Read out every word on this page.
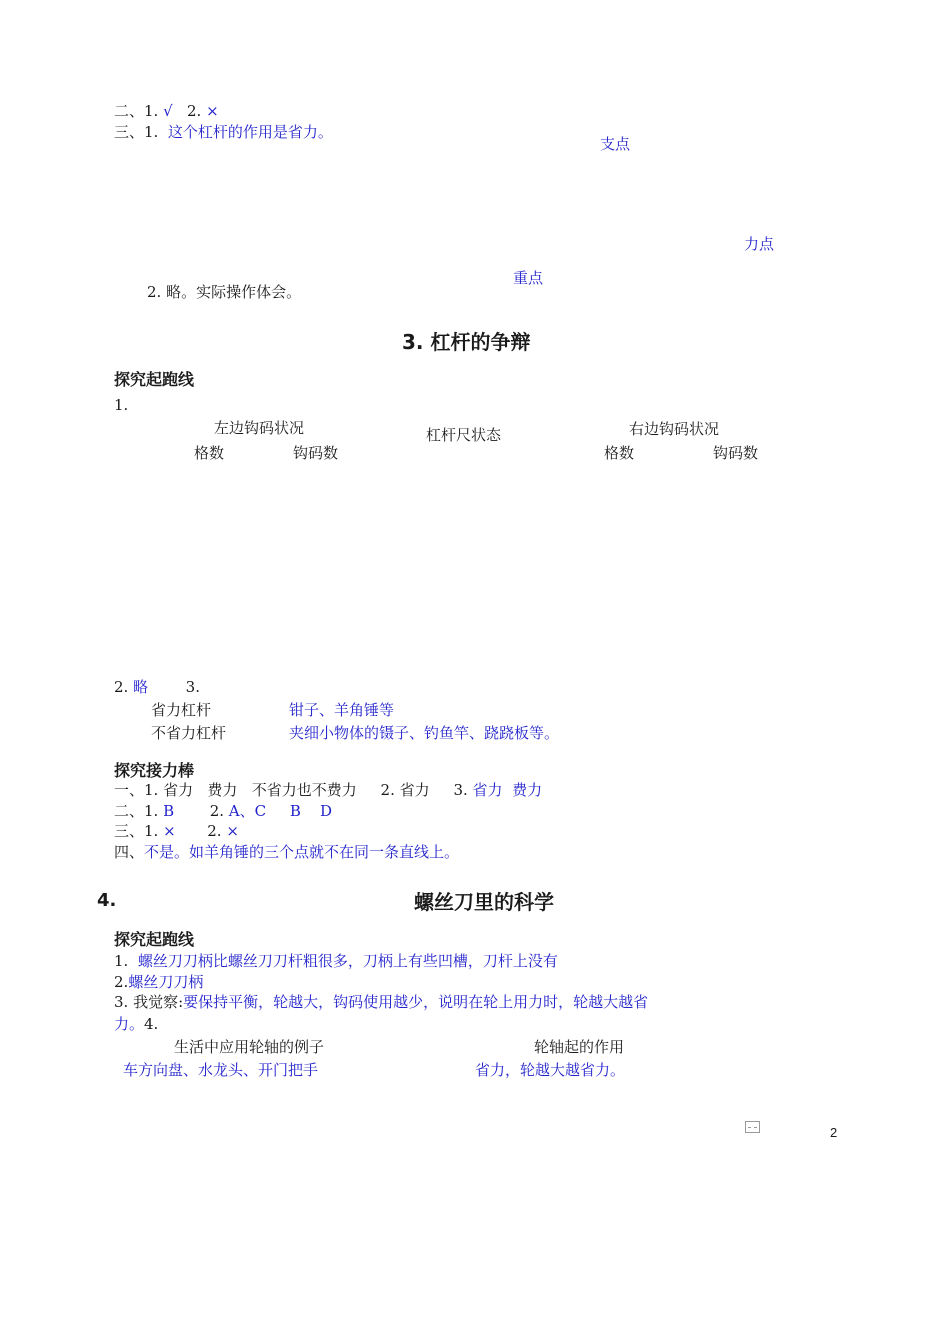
二、1. √ 2. ×
三、1. 这个杠杆的作用是省力。
支点
力点
重点
2. 略。实际操作体会。
3. 杠杆的争辩
探究起跑线
1.
左边钩码状况	杠杆尺状态	右边钩码状况
格数	钩码数	格数	钩码数
2. 略	3.
省力杠杆	钳子、羊角锤等
不省力杠杆	夹细小物体的镊子、钓鱼竿、跷跷板等。
探究接力棒
一、1. 省力   费力   不省力也不费力     2. 省力     3. 省力  费力
二、1. B 2. A、C     B    D
三、1. × 2. ×
四、不是。如羊角锤的三个点就不在同一条直线上。
4.	螺丝刀里的科学
探究起跑线
1. 螺丝刀刀柄比螺丝刀刀杆粗很多，刀柄上有些凹槽，刀杆上没有
2.螺丝刀刀柄
3. 我觉察:要保持平衡，轮越大，钩码使用越少，说明在轮上用力时，轮越大越省
力。4.
生活中应用轮轴的例子	轮轴起的作用
车方向盘、水龙头、开门把手	省力，轮越大越省力。
2
